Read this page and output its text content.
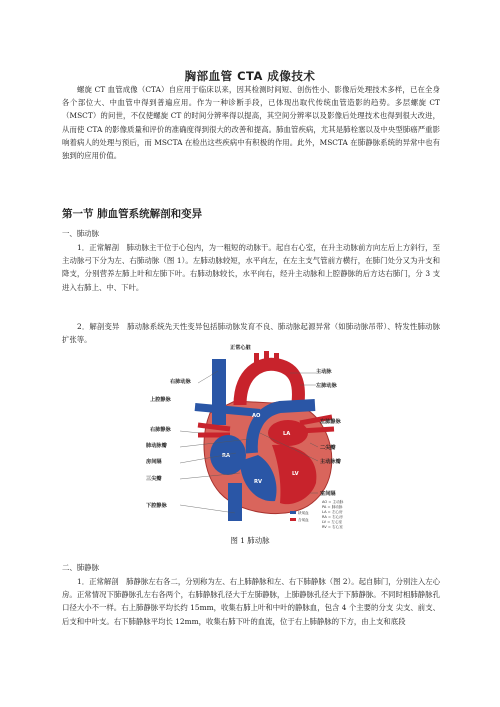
胸部血管 CTA 成像技术

螺旋 CT 血管成像（CTA）自应用于临床以来，因其检测时间短、创伤性小、影像后处理技术多样，已在全身各个部位大、中血管中得到普遍应用。作为一种诊断手段，已体现出取代传统血管造影的趋势。多层螺旋 CT（MSCT）的问世，不仅使螺旋 CT 的时间分辨率得以提高，其空间分辨率以及影像后处理技术也得到很大改进，从而使 CTA 的影像质量和评价的准确度得到很大的改善和提高。肺血管疾病，尤其是肺栓塞以及中央型肺癌严重影响着病人的处理与预后，而 MSCTA 在检出这些疾病中有积极的作用。此外，MSCTA 在肺静脉系统的异常中也有独到的应用价值。

第一节 肺血管系统解剖和变异
一、肺动脉

1．正常解剖　肺动脉主干位于心包内，为一粗短的动脉干。起自右心室，在升主动脉前方向左后上方斜行，至主动脉弓下分为左、右肺动脉（图 1）。左肺动脉较短，水平向左，在左主支气管前方横行，在肺门处分又为升支和降支，分别营养左肺上叶和左肺下叶。右肺动脉较长，水平向右，经升主动脉和上腔静脉的后方达右肺门，分 3 支进入右肺上、中、下叶。

2．解剖变异　肺动脉系统先天性变异包括肺动脉发育不良、肺动脉起源异常（如肺动脉吊带）、特发性肺动脉扩张等。

PA
AO
LA
RA
RV
LV
正常心脏
右肺动脉
主动脉
左肺动脉
上腔静脉
右肺静脉
左肺静脉
二尖瓣
主动脉瓣
肺动脉瓣
房间隔
三尖瓣
室间隔
下腔静脉
缺氧血
含氧血
AO = 主动脉
PA = 肺动脉
LA = 左心房
RA = 右心房
LV = 左心室
RV = 右心室
图 1 肺动脉
二、肺静脉

1．正常解剖　肺静脉左右各二，分别称为左、右上肺静脉和左、右下肺静脉（图 2）。起自肺门，分别注入左心房。正常情况下肺静脉孔左右各两个，右肺静脉孔径大于左肺静脉，上肺静脉孔径大于下肺静脉。不同时相肺静脉孔口径大小不一样。右上肺静脉平均长约 15mm，收集右肺上叶和中叶的静脉血，包含 4 个主要的分支 尖支、前支、后支和中叶支。右下肺静脉平均长 12mm，收集右肺下叶的血流，位于右上肺静脉的下方，由上支和底段
